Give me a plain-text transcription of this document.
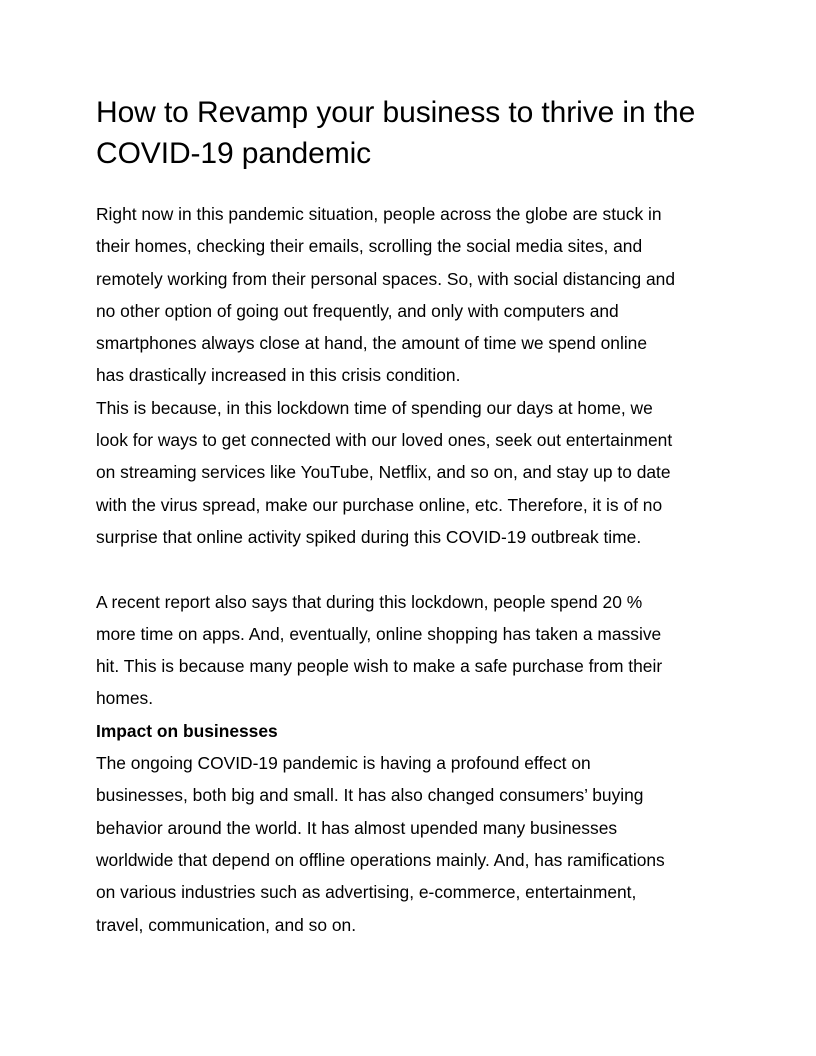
How to Revamp your business to thrive in the
COVID-19 pandemic

Right now in this pandemic situation, people across the globe are stuck in
their homes, checking their emails, scrolling the social media sites, and
remotely working from their personal spaces. So, with social distancing and
no other option of going out frequently, and only with computers and
smartphones always close at hand, the amount of time we spend online
has drastically increased in this crisis condition.

This is because, in this lockdown time of spending our days at home, we
look for ways to get connected with our loved ones, seek out entertainment
on streaming services like YouTube, Netflix, and so on, and stay up to date
with the virus spread, make our purchase online, etc. Therefore, it is of no
surprise that online activity spiked during this COVID-19 outbreak time.

A recent report also says that during this lockdown, people spend 20 %
more time on apps. And, eventually, online shopping has taken a massive
hit. This is because many people wish to make a safe purchase from their
homes.

Impact on businesses

The ongoing COVID-19 pandemic is having a profound effect on
businesses, both big and small. It has also changed consumers’ buying
behavior around the world. It has almost upended many businesses
worldwide that depend on offline operations mainly. And, has ramifications
on various industries such as advertising, e-commerce, entertainment,
travel, communication, and so on.
